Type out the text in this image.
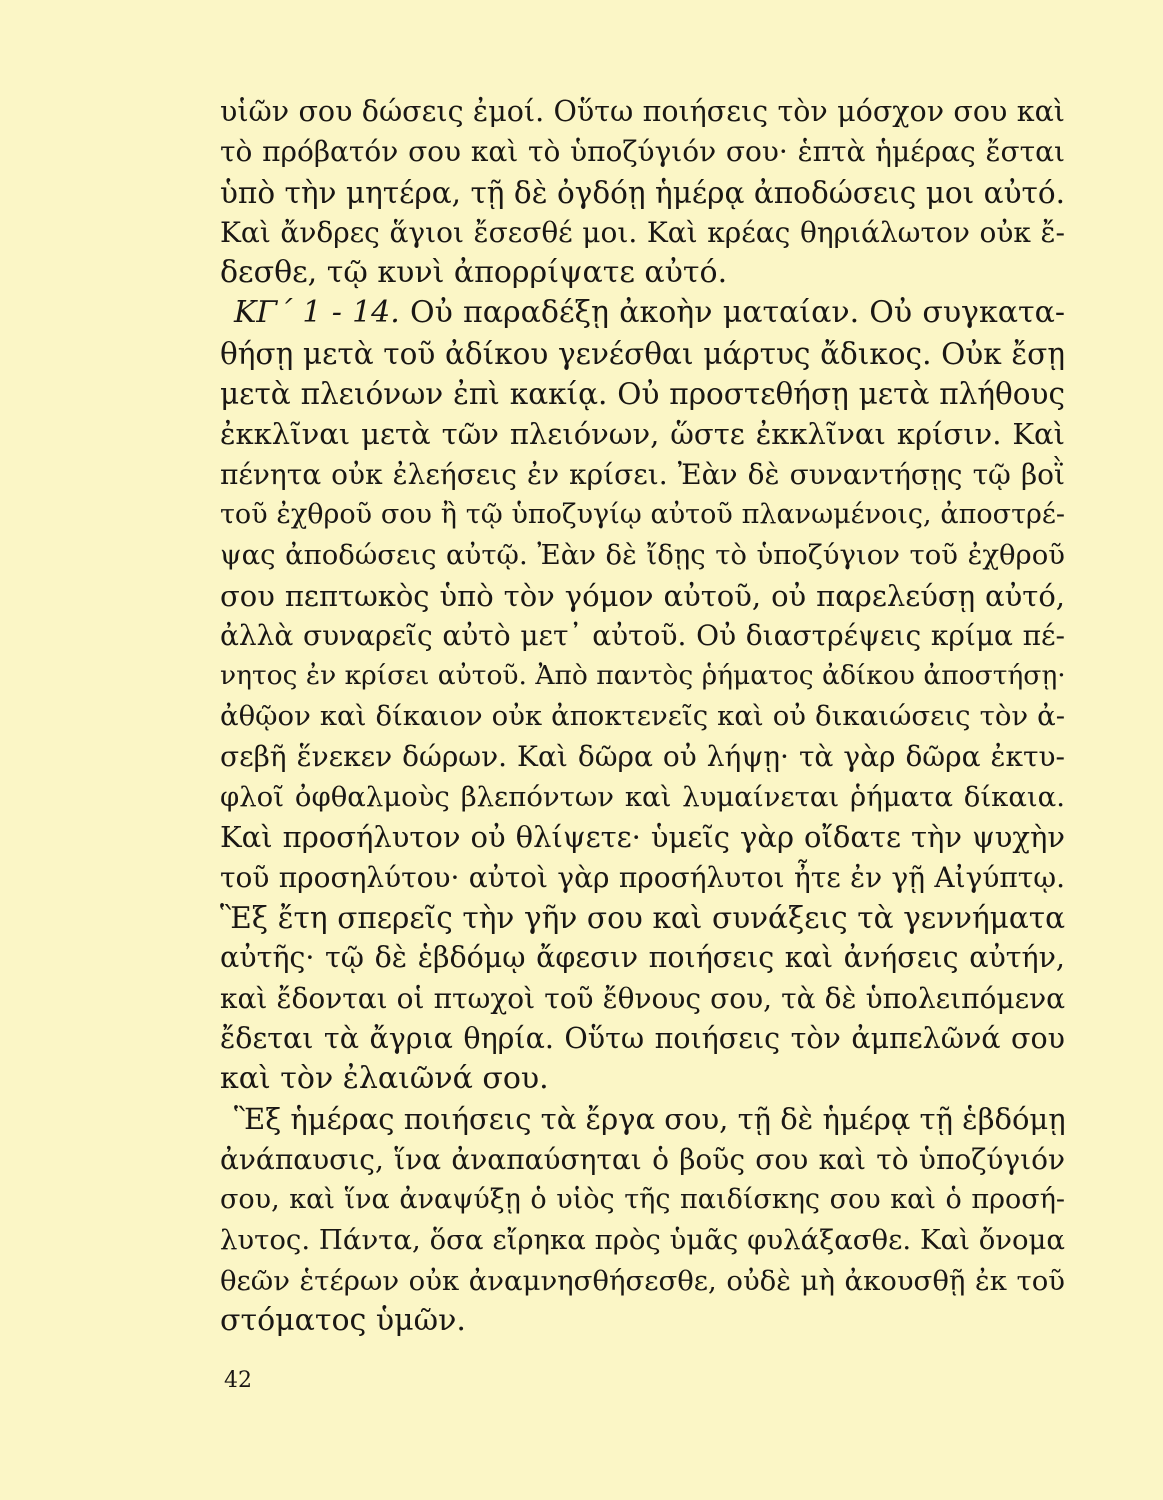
υἱῶν σου δώσεις ἐμοί. Οὕτω ποιήσεις τὸν μόσχον σου καὶ
τὸ πρόβατόν σου καὶ τὸ ὑποζύγιόν σου· ἑπτὰ ἡμέρας ἔσται
ὑπὸ τὴν μητέρα, τῇ δὲ ὀγδόῃ ἡμέρᾳ ἀποδώσεις μοι αὐτό.
Καὶ ἄνδρες ἅγιοι ἔσεσθέ μοι. Καὶ κρέας θηριάλωτον οὐκ ἔ-
δεσθε, τῷ κυνὶ ἀπορρίψατε αὐτό.
ΚΓ´ 1 - 14. Οὐ παραδέξῃ ἀκοὴν ματαίαν. Οὐ συγκατα-
θήσῃ μετὰ τοῦ ἀδίκου γενέσθαι μάρτυς ἄδικος. Οὐκ ἔσῃ
μετὰ πλειόνων ἐπὶ κακίᾳ. Οὐ προστεθήσῃ μετὰ πλήθους
ἐκκλῖναι μετὰ τῶν πλειόνων, ὥστε ἐκκλῖναι κρίσιν. Καὶ
πένητα οὐκ ἐλεήσεις ἐν κρίσει. Ἐὰν δὲ συναντήσῃς τῷ βοῒ
τοῦ ἐχθροῦ σου ἢ τῷ ὑποζυγίῳ αὐτοῦ πλανωμένοις, ἀποστρέ-
ψας ἀποδώσεις αὐτῷ. Ἐὰν δὲ ἴδῃς τὸ ὑποζύγιον τοῦ ἐχθροῦ
σου πεπτωκὸς ὑπὸ τὸν γόμον αὐτοῦ, οὐ παρελεύσῃ αὐτό,
ἀλλὰ συναρεῖς αὐτὸ μετ᾽ αὐτοῦ. Οὐ διαστρέψεις κρίμα πέ-
νητος ἐν κρίσει αὐτοῦ. Ἀπὸ παντὸς ῥήματος ἀδίκου ἀποστήσῃ·
ἀθῷον καὶ δίκαιον οὐκ ἀποκτενεῖς καὶ οὐ δικαιώσεις τὸν ἀ-
σεβῆ ἕνεκεν δώρων. Καὶ δῶρα οὐ λήψῃ· τὰ γὰρ δῶρα ἐκτυ-
φλοῖ ὀφθαλμοὺς βλεπόντων καὶ λυμαίνεται ῥήματα δίκαια.
Καὶ προσήλυτον οὐ θλίψετε· ὑμεῖς γὰρ οἴδατε τὴν ψυχὴν
τοῦ προσηλύτου· αὐτοὶ γὰρ προσήλυτοι ἦτε ἐν γῇ Αἰγύπτῳ.
Ἓξ ἔτη σπερεῖς τὴν γῆν σου καὶ συνάξεις τὰ γεννήματα
αὐτῆς· τῷ δὲ ἑβδόμῳ ἄφεσιν ποιήσεις καὶ ἀνήσεις αὐτήν,
καὶ ἔδονται οἱ πτωχοὶ τοῦ ἔθνους σου, τὰ δὲ ὑπολειπόμενα
ἔδεται τὰ ἄγρια θηρία. Οὕτω ποιήσεις τὸν ἀμπελῶνά σου
καὶ τὸν ἐλαιῶνά σου.
Ἓξ ἡμέρας ποιήσεις τὰ ἔργα σου, τῇ δὲ ἡμέρᾳ τῇ ἑβδόμῃ
ἀνάπαυσις, ἵνα ἀναπαύσηται ὁ βοῦς σου καὶ τὸ ὑποζύγιόν
σου, καὶ ἵνα ἀναψύξῃ ὁ υἱὸς τῆς παιδίσκης σου καὶ ὁ προσή-
λυτος. Πάντα, ὅσα εἴρηκα πρὸς ὑμᾶς φυλάξασθε. Καὶ ὄνομα
θεῶν ἑτέρων οὐκ ἀναμνησθήσεσθε, οὐδὲ μὴ ἀκουσθῇ ἐκ τοῦ
στόματος ὑμῶν.
42
